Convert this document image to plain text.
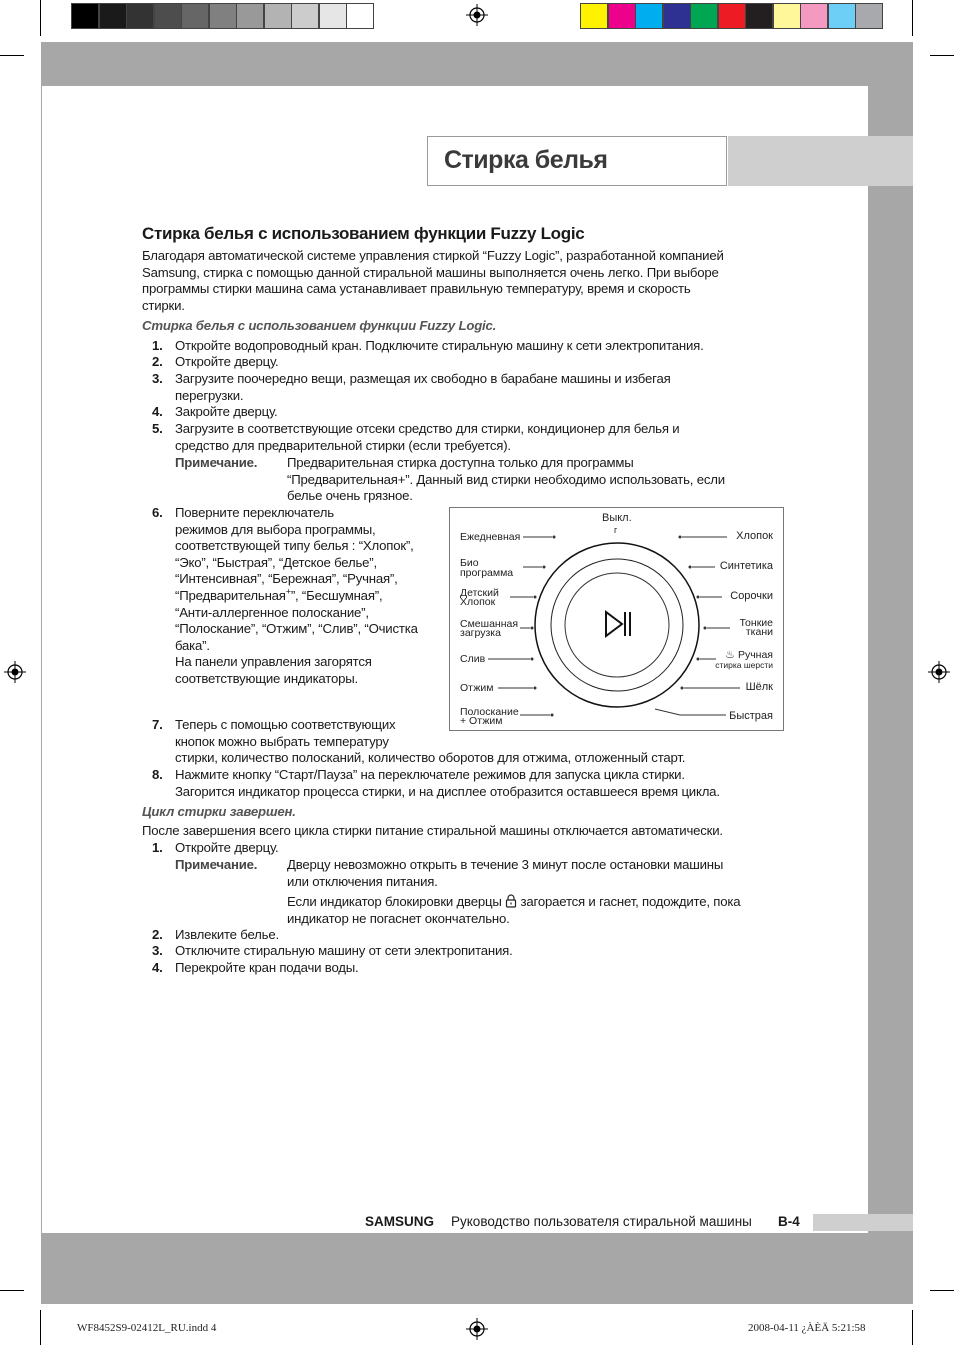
Стирка белья
Стирка белья с использованием функции Fuzzy Logic
Благодаря автоматической системе управления стиркой “Fuzzy Logic”, разработанной компанией
Samsung, стирка с помощью данной стиральной машины выполняется очень легко. При выборе
программы стирки машина сама устанавливает правильную температуру, время и скорость
стирки.
Стирка белья с использованием функции Fuzzy Logic.
1. Откройте водопроводный кран. Подключите стиральную машину к сети электропитания.
2. Откройте дверцу.
3. Загрузите поочередно вещи, размещая их свободно в барабане машины и избегая
перегрузки.
4. Закройте дверцу.
5. Загрузите в соответствующие отсеки средство для стирки, кондиционер для белья и
средство для предварительной стирки (если требуется).
Примечание. Предварительная стирка доступна только для программы
“Предварительная+”. Данный вид стирки необходимо использовать, если
белье очень грязное.
6. Поверните переключатель
режимов для выбора программы,
соответствующей типу белья : “Хлопок”,
“Эко”, “Быстрая”, “Детское белье”,
“Интенсивная”, “Бережная”, “Ручная”,
“Предварительная+”, “Бесшумная”,
“Анти-аллергенное полоскание”,
“Полоскание”, “Отжим”, “Слив”, “Очистка
бака”.
На панели управления загорятся
соответствующие индикаторы.
Выкл.
г
Ежедневная
Био
программа
Детский
Хлопок
Смешанная
загрузка
Слив
Отжим
Полоскание
+ Отжим
Хлопок
Синтетика
Сорочки
Тонкие
ткани
♨ Ручная
стирка шерсти
Шёлк
Быстрая
7. Теперь с помощью соответствующих
кнопок можно выбрать температуру
стирки, количество полосканий, количество оборотов для отжима, отложенный старт.
8. Нажмите кнопку “Старт/Пауза” на переключателе режимов для запуска цикла стирки.
Загорится индикатор процесса стирки, и на дисплее отобразится оставшееся время цикла.
Цикл стирки завершен.
После завершения всего цикла стирки питание стиральной машины отключается автоматически.
1. Откройте дверцу.
Примечание. Дверцу невозможно открыть в течение 3 минут после остановки машины
или отключения питания.
Если индикатор блокировки дверцы загорается и гаснет, подождите, пока
индикатор не погаснет окончательно.
2. Извлеките белье.
3. Отключите стиральную машину от сети электропитания.
4. Перекройте кран подачи воды.
SAMSUNG Руководство пользователя стиральной машины В-4
WF8452S9-02412L_RU.indd 4	2008-04-11 ¿ÀÈÄ 5:21:58
